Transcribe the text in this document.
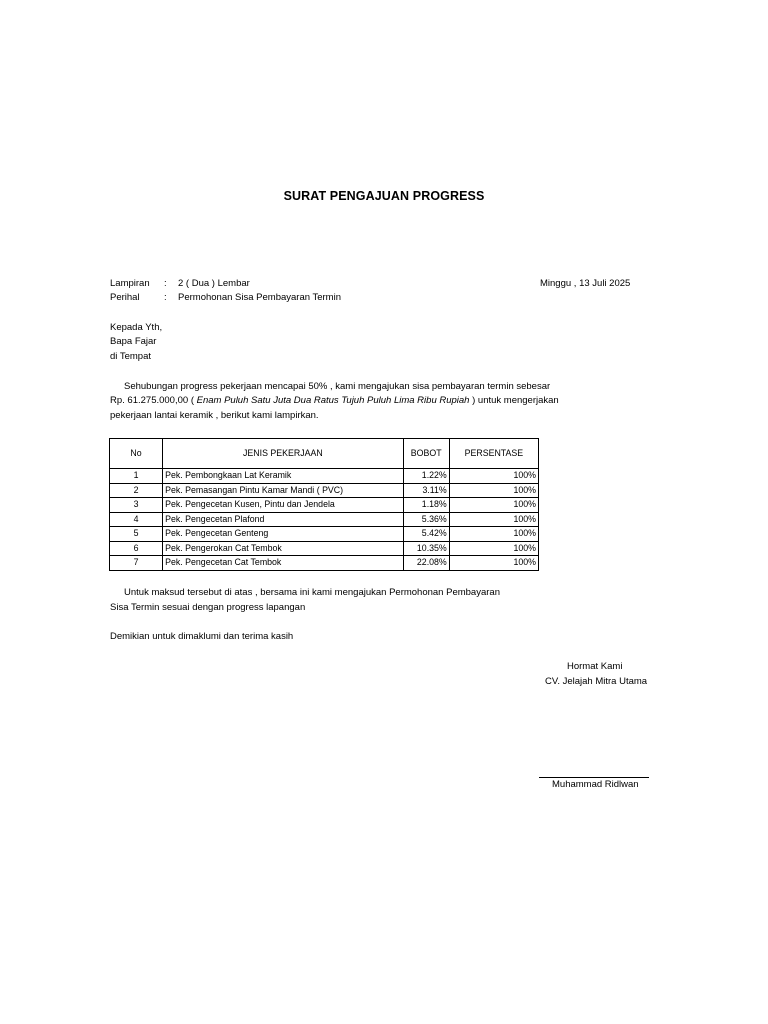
SURAT PENGAJUAN PROGRESS
Lampiran : 2 ( Dua ) Lembar
Perihal	: Permohonan Sisa Pembayaran Termin
Minggu , 13 Juli 2025
Kepada Yth,
Bapa Fajar
di Tempat
Sehubungan progress pekerjaan mencapai 50% , kami mengajukan sisa pembayaran termin sebesar
Rp. 61.275.000,00 ( Enam Puluh Satu Juta Dua Ratus Tujuh Puluh Lima Ribu Rupiah ) untuk mengerjakan
pekerjaan lantai keramik , berikut kami lampirkan.
No	JENIS PEKERJAAN	BOBOT	PERSENTASE
1	Pek. Pembongkaan Lat Keramik	1.22%	100%
2	Pek. Pemasangan Pintu Kamar Mandi ( PVC)	3.11%	100%
3	Pek. Pengecetan Kusen, Pintu dan Jendela	1.18%	100%
4	Pek. Pengecetan Plafond	5.36%	100%
5	Pek. Pengecetan Genteng	5.42%	100%
6	Pek. Pengerokan Cat Tembok	10.35%	100%
7	Pek. Pengecetan Cat Tembok	22.08%	100%
Untuk maksud tersebut di atas , bersama ini kami mengajukan Permohonan Pembayaran
Sisa Termin sesuai dengan progress lapangan
Demikian untuk dimaklumi dan terima kasih
Hormat Kami
CV. Jelajah Mitra Utama
Muhammad Ridlwan
